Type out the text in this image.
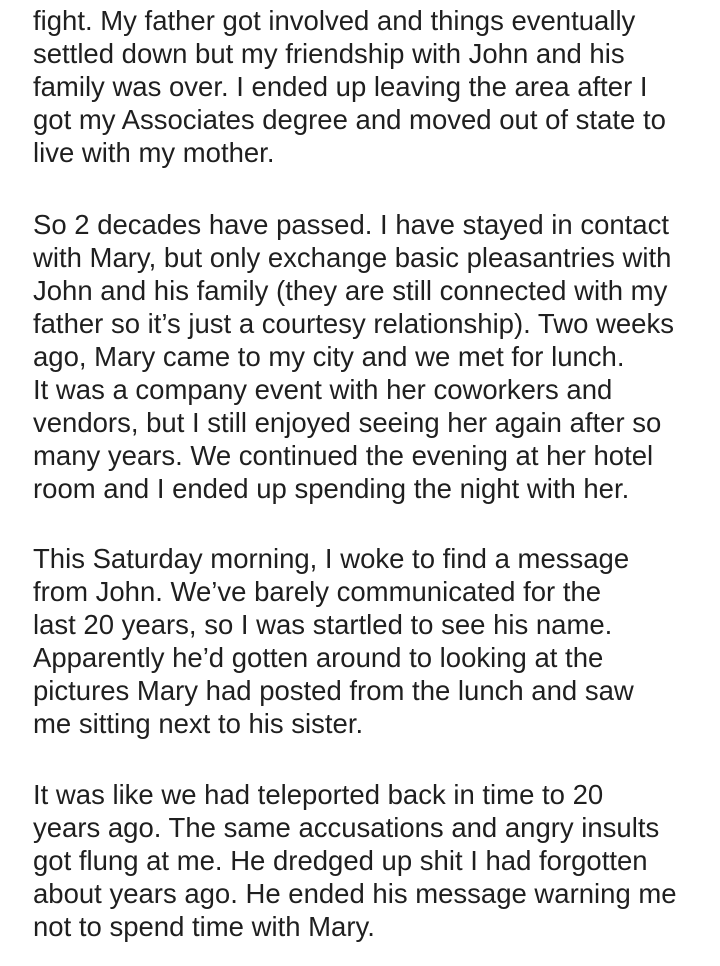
fight. My father got involved and things eventually
settled down but my friendship with John and his
family was over. I ended up leaving the area after I
got my Associates degree and moved out of state to
live with my mother.
So 2 decades have passed. I have stayed in contact
with Mary, but only exchange basic pleasantries with
John and his family (they are still connected with my
father so it’s just a courtesy relationship). Two weeks
ago, Mary came to my city and we met for lunch.
It was a company event with her coworkers and
vendors, but I still enjoyed seeing her again after so
many years. We continued the evening at her hotel
room and I ended up spending the night with her.
This Saturday morning, I woke to find a message
from John. We’ve barely communicated for the
last 20 years, so I was startled to see his name.
Apparently he’d gotten around to looking at the
pictures Mary had posted from the lunch and saw
me sitting next to his sister.
It was like we had teleported back in time to 20
years ago. The same accusations and angry insults
got flung at me. He dredged up shit I had forgotten
about years ago. He ended his message warning me
not to spend time with Mary.
